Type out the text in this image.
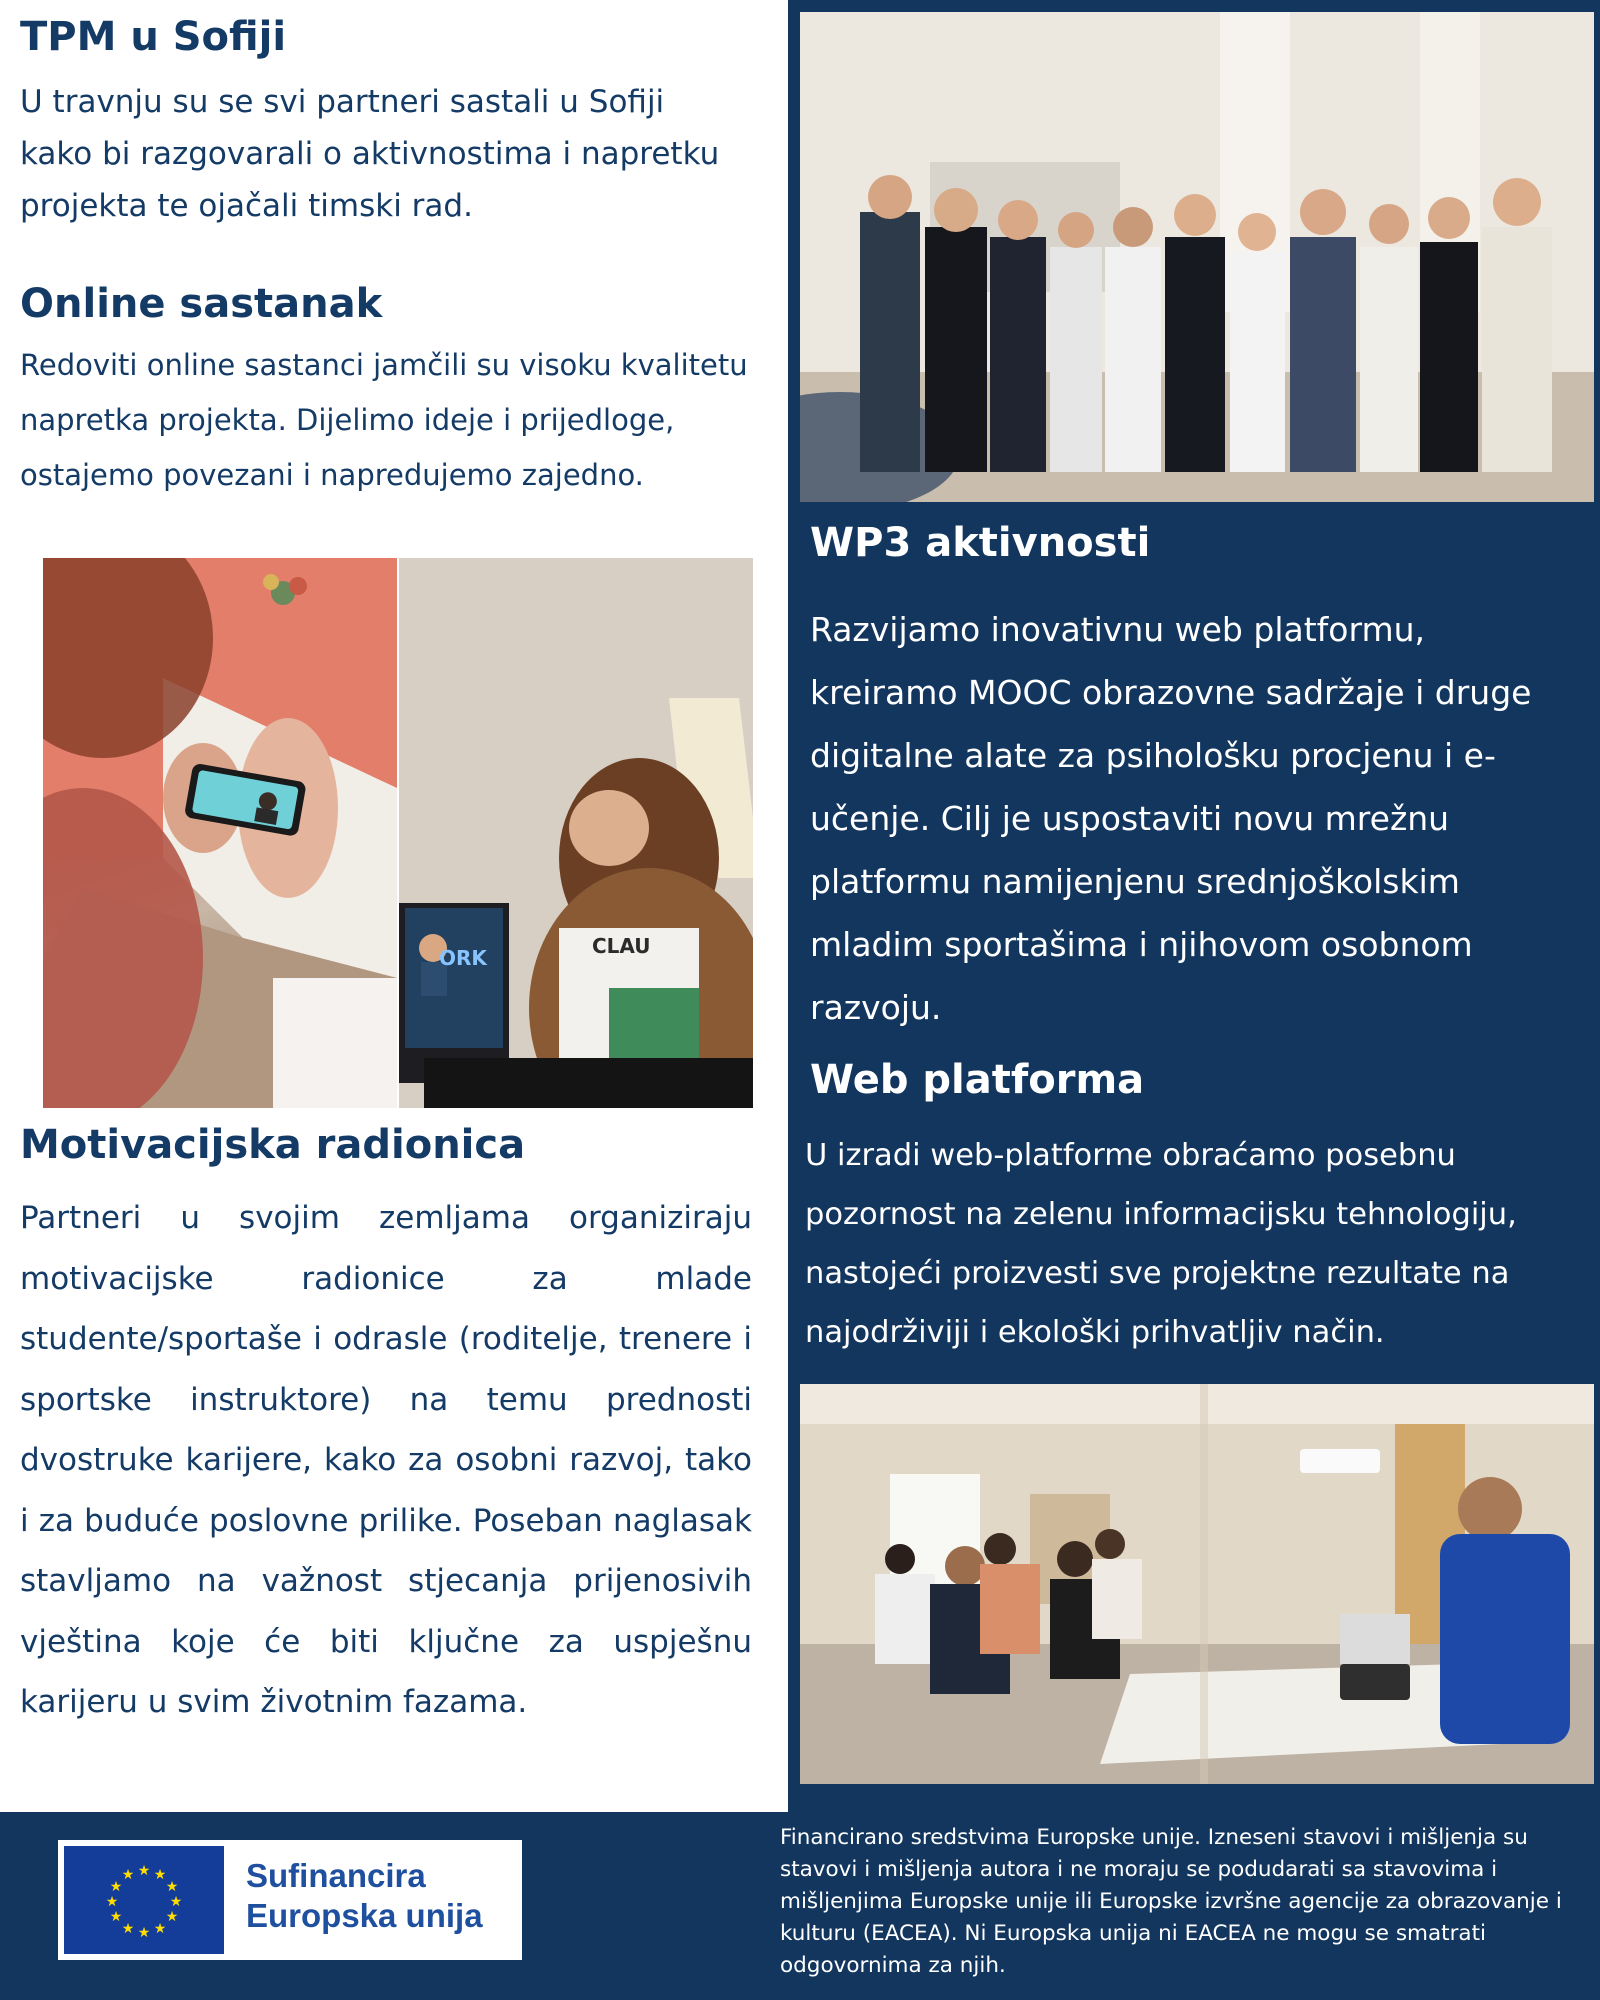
TPM u Sofiji

U travnju su se svi partneri sastali u Sofiji kako bi razgovarali o aktivnostima i napretku projekta te ojačali timski rad.

Online sastanak

Redoviti online sastanci jamčili su visoku kvalitetu napretka projekta. Dijelimo ideje i prijedloge, ostajemo povezani i napredujemo zajedno.

ORK	CLAU
Motivacijska radionica

Partneri u svojim zemljama organiziraju motivacijske radionice za mlade studente/sportaše i odrasle (roditelje, trenere i sportske instruktore) na temu prednosti dvostruke karijere, kako za osobni razvoj, tako i za buduće poslovne prilike. Poseban naglasak stavljamo na važnost stjecanja prijenosivih vještina koje će biti ključne za uspješnu karijeru u svim životnim fazama.

WP3 aktivnosti

Razvijamo inovativnu web platformu, kreiramo MOOC obrazovne sadržaje i druge digitalne alate za psihološku procjenu i e-učenje. Cilj je uspostaviti novu mrežnu platformu namijenjenu srednjoškolskim mladim sportašima i njihovom osobnom razvoju.

Web platforma

U izradi web-platforme obraćamo posebnu pozornost na zelenu informacijsku tehnologiju, nastojeći proizvesti sve projektne rezultate na najodrživiji i ekološki prihvatljiv način.

★ ★
★
★
★
★
★
★
★
★
★
★	Sufinancira
Europska unija

Financirano sredstvima Europske unije. Izneseni stavovi i mišljenja su stavovi i mišljenja autora i ne moraju se podudarati sa stavovima i mišljenjima Europske unije ili Europske izvršne agencije za obrazovanje i kulturu (EACEA). Ni Europska unija ni EACEA ne mogu se smatrati odgovornima za njih.
